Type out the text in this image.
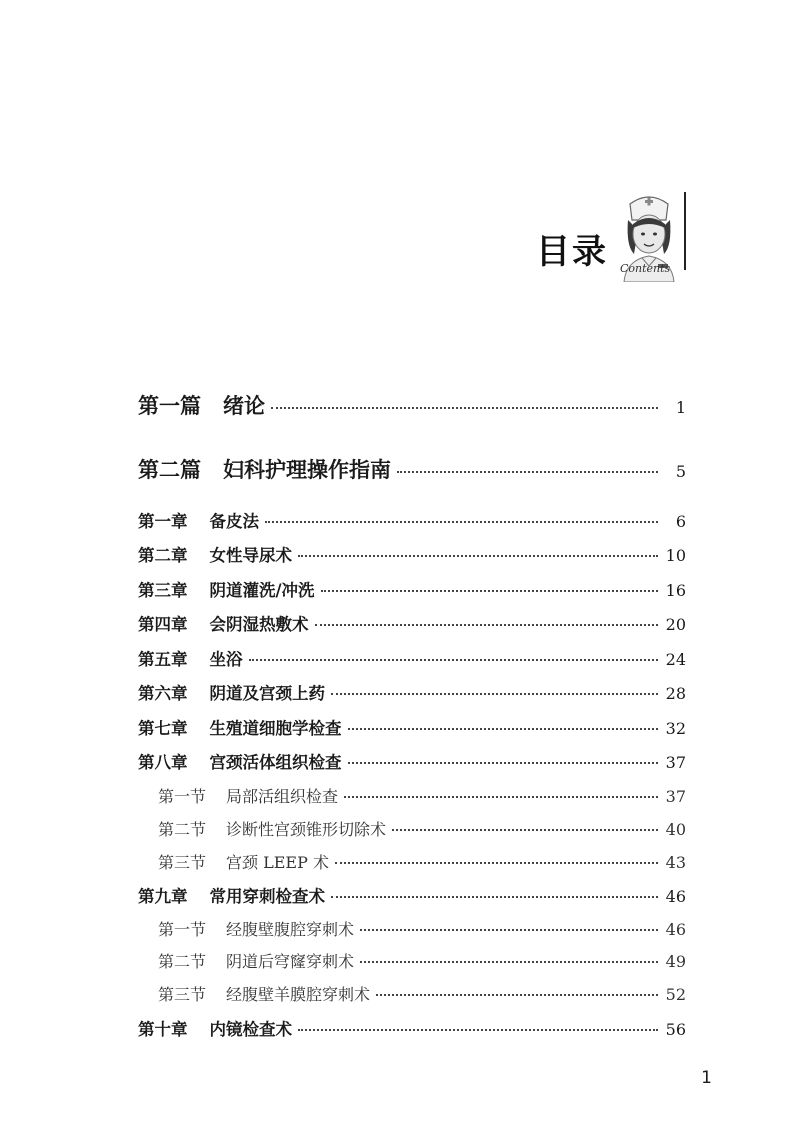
目录 Contents
第一篇 绪论	1
第二篇 妇科护理操作指南	5
第一章 备皮法	6
第二章 女性导尿术	10
第三章 阴道灌洗/冲洗	16
第四章 会阴湿热敷术	20
第五章 坐浴	24
第六章 阴道及宫颈上药	28
第七章 生殖道细胞学检查	32
第八章 宫颈活体组织检查	37
第一节 局部活组织检查	37
第二节 诊断性宫颈锥形切除术	40
第三节 宫颈 LEEP 术	43
第九章 常用穿刺检查术	46
第一节 经腹壁腹腔穿刺术	46
第二节 阴道后穹窿穿刺术	49
第三节 经腹壁羊膜腔穿刺术	52
第十章 内镜检查术	56
1
